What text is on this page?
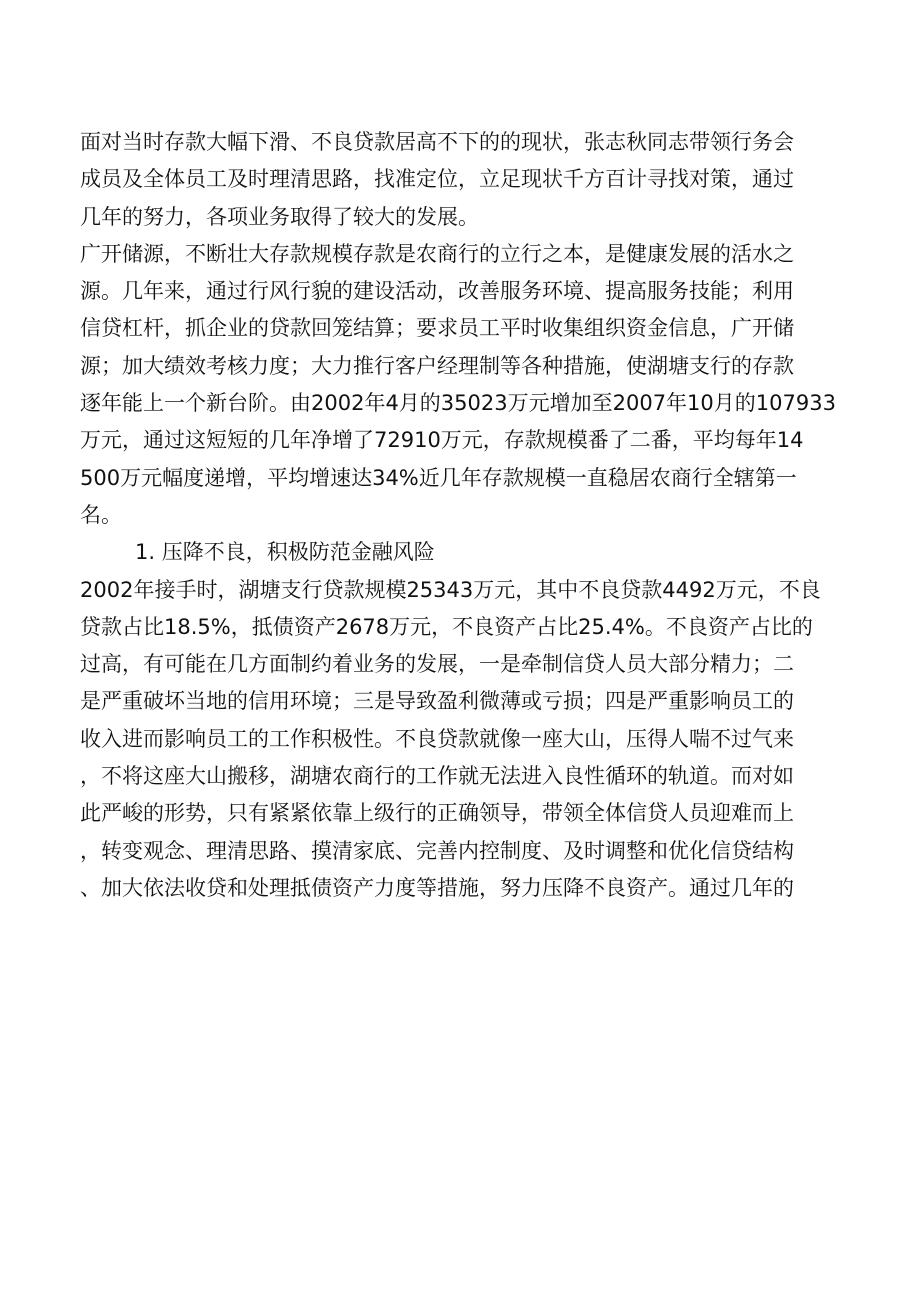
面对当时存款大幅下滑、不良贷款居高不下的的现状，张志秋同志带领行务会
成员及全体员工及时理清思路，找准定位，立足现状千方百计寻找对策，通过
几年的努力，各项业务取得了较大的发展。
广开储源，不断壮大存款规模存款是农商行的立行之本，是健康发展的活水之
源。几年来，通过行风行貌的建设活动，改善服务环境、提高服务技能；利用
信贷杠杆，抓企业的贷款回笼结算；要求员工平时收集组织资金信息，广开储
源；加大绩效考核力度；大力推行客户经理制等各种措施，使湖塘支行的存款
逐年能上一个新台阶。由2002年4月的35023万元增加至2007年10月的107933
万元，通过这短短的几年净增了72910万元，存款规模番了二番，平均每年14
500万元幅度递增，平均增速达34%近几年存款规模一直稳居农商行全辖第一
名。
1. 压降不良，积极防范金融风险
2002年接手时，湖塘支行贷款规模25343万元，其中不良贷款4492万元，不良
贷款占比18.5%，抵债资产2678万元，不良资产占比25.4%。不良资产占比的
过高，有可能在几方面制约着业务的发展，一是牵制信贷人员大部分精力；二
是严重破坏当地的信用环境；三是导致盈利微薄或亏损；四是严重影响员工的
收入进而影响员工的工作积极性。不良贷款就像一座大山，压得人喘不过气来
，不将这座大山搬移，湖塘农商行的工作就无法进入良性循环的轨道。而对如
此严峻的形势，只有紧紧依靠上级行的正确领导，带领全体信贷人员迎难而上
，转变观念、理清思路、摸清家底、完善内控制度、及时调整和优化信贷结构
、加大依法收贷和处理抵债资产力度等措施，努力压降不良资产。通过几年的
